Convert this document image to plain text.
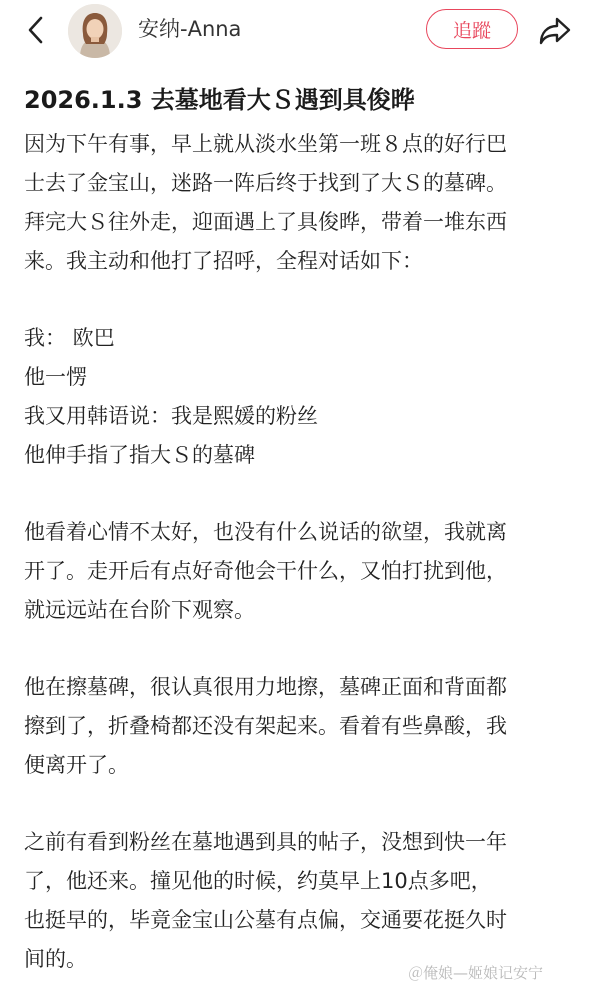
安纳-Anna	追蹤
2026.1.3 去墓地看大Ｓ遇到具俊晔
因为下午有事，早上就从淡水坐第一班８点的好行巴
士去了金宝山，迷路一阵后终于找到了大Ｓ的墓碑。
拜完大Ｓ往外走，迎面遇上了具俊晔，带着一堆东西
来。我主动和他打了招呼，全程对话如下：
我： 欧巴
他一愣
我又用韩语说：我是熙媛的粉丝
他伸手指了指大Ｓ的墓碑
他看着心情不太好，也没有什么说话的欲望，我就离
开了。走开后有点好奇他会干什么，又怕打扰到他，
就远远站在台阶下观察。
他在擦墓碑，很认真很用力地擦，墓碑正面和背面都
擦到了，折叠椅都还没有架起来。看着有些鼻酸，我
便离开了。
之前有看到粉丝在墓地遇到具的帖子，没想到快一年
了，他还来。撞见他的时候，约莫早上10点多吧，
也挺早的，毕竟金宝山公墓有点偏，交通要花挺久时
间的。
＠俺娘—姬娘记安宁
